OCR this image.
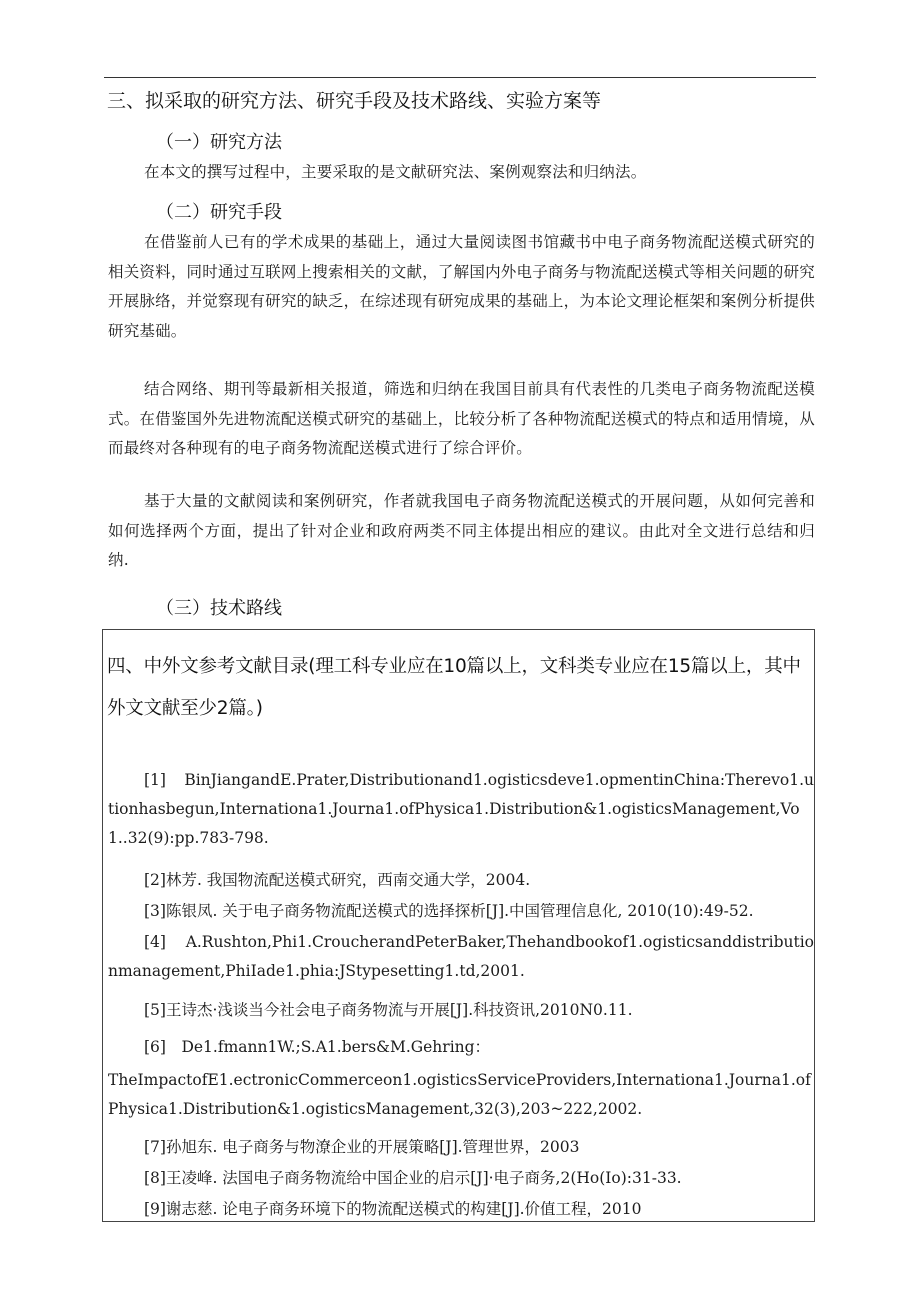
三、拟采取的研究方法、研究手段及技术路线、实验方案等
（一）研究方法
在本文的撰写过程中，主要采取的是文献研究法、案例观察法和归纳法。
（二）研究手段
在借鉴前人已有的学术成果的基础上，通过大量阅读图书馆藏书中电子商务物流配送模式研究的相关资料，同时通过互联网上搜索相关的文献，了解国内外电子商务与物流配送模式等相关问题的研究开展脉络，并觉察现有研究的缺乏，在综述现有研宛成果的基础上，为本论文理论框架和案例分析提供研究基础。
结合网络、期刊等最新相关报道，筛选和归纳在我国目前具有代表性的几类电子商务物流配送模式。在借鉴国外先进物流配送模式研究的基础上，比较分析了各种物流配送模式的特点和适用情境，从而最终对各种现有的电子商务物流配送模式进行了综合评价。
基于大量的文献阅读和案例研究，作者就我国电子商务物流配送模式的开展问题，从如何完善和如何选择两个方面，提出了针对企业和政府两类不同主体提出相应的建议。由此对全文进行总结和归纳.
（三）技术路线
四、中外文参考文献目录(理工科专业应在10篇以上，文科类专业应在15篇以上，其中外文文献至少2篇。)
[1]　BinJiangandE.Prater,Distributionand1.ogisticsdeve1.opmentinChina:Therevo1.utionhasbegun,Internationa1.Journa1.ofPhysica1.Distribution&1.ogisticsManagement,Vo1..32(9):pp.783-798.
[2]林芳. 我国物流配送模式研究，西南交通大学，2004.
[3]陈银凤. 关于电子商务物流配送模式的选择探析[J].中国管理信息化, 2010(10):49-52.
[4]　A.Rushton,Phi1.CroucherandPeterBaker,Thehandbookof1.ogisticsanddistributionmanagement,PhiIade1.phia:JStypesetting1.td,2001.
[5]王诗杰·浅谈当今社会电子商务物流与开展[J].科技资讯,2010N0.11.
[6]　De1.fmann1W.;S.A1.bers&M.Gehring：
TheImpactofE1.ectronicCommerceon1.ogisticsServiceProviders,Internationa1.Journa1.ofPhysica1.Distribution&1.ogisticsManagement,32(3),203~222,2002.
[7]孙旭东. 电子商务与物潦企业的开展策略[J].管理世界，2003
[8]王凌峰. 法国电子商务物流给中国企业的启示[J]·电子商务,2(Ho(Io):31-33.
[9]谢志慈. 论电子商务环境下的物流配送模式的构建[J].价值工程，2010
